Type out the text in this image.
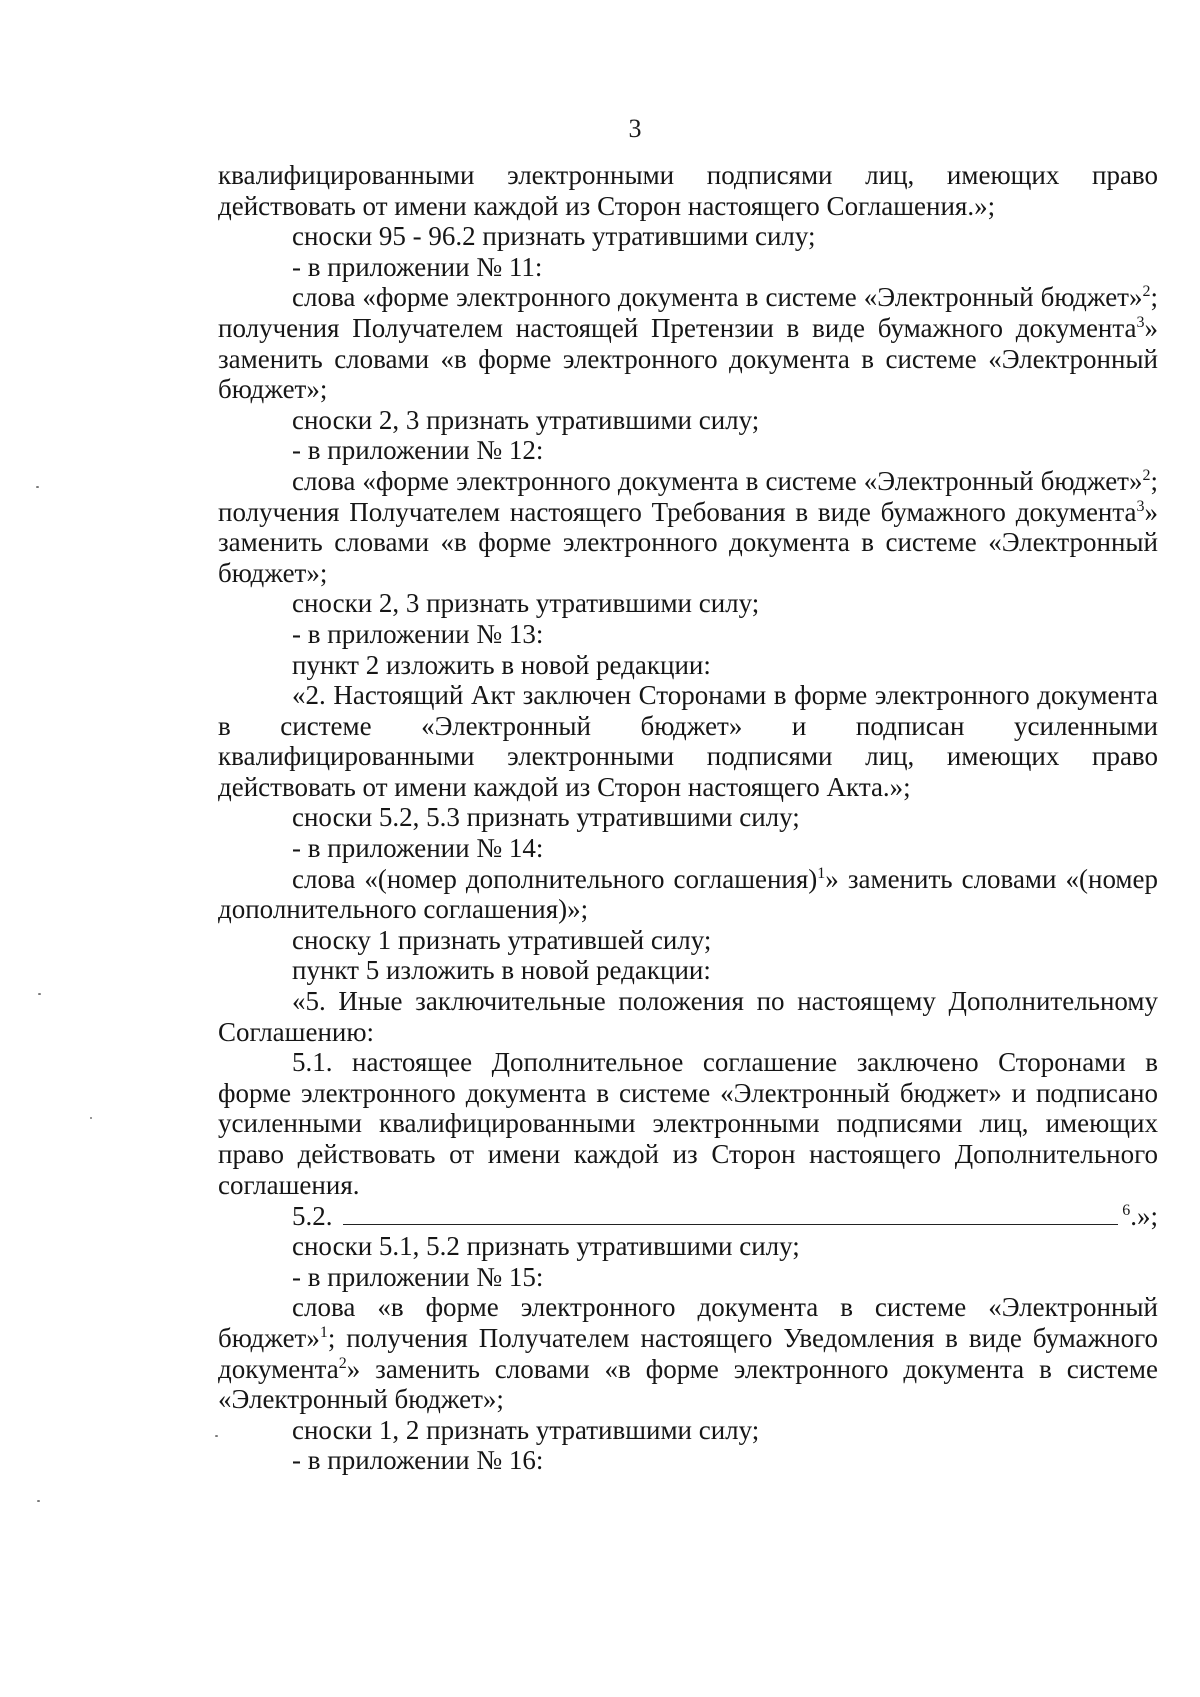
3

квалифицированными электронными подписями лиц, имеющих право действовать от имени каждой из Сторон настоящего Соглашения.»;

сноски 95 - 96.2 признать утратившими силу;

- в приложении № 11:

слова «форме электронного документа в системе «Электронный бюджет»$^2$; получения Получателем настоящей Претензии в виде бумажного документа$^3$» заменить словами «в форме электронного документа в системе «Электронный бюджет»;

сноски 2, 3 признать утратившими силу;

- в приложении № 12:

слова «форме электронного документа в системе «Электронный бюджет»$^2$; получения Получателем настоящего Требования в виде бумажного документа$^3$» заменить словами «в форме электронного документа в системе «Электронный бюджет»;

сноски 2, 3 признать утратившими силу;

- в приложении № 13:

пункт 2 изложить в новой редакции:

«2. Настоящий Акт заключен Сторонами в форме электронного документа в системе «Электронный бюджет» и подписан усиленными квалифицированными электронными подписями лиц, имеющих право действовать от имени каждой из Сторон настоящего Акта.»;

сноски 5.2, 5.3 признать утратившими силу;

- в приложении № 14:

слова «(номер дополнительного соглашения)$^1$» заменить словами «(номер дополнительного соглашения)»;

сноску 1 признать утратившей силу;

пункт 5 изложить в новой редакции:

«5. Иные заключительные положения по настоящему Дополнительному Соглашению:

5.1. настоящее Дополнительное соглашение заключено Сторонами в форме электронного документа в системе «Электронный бюджет» и подписано усиленными квалифицированными электронными подписями лиц, имеющих право действовать от имени каждой из Сторон настоящего Дополнительного соглашения.

5.2.	$^6$.»;

сноски 5.1, 5.2 признать утратившими силу;

- в приложении № 15:

слова «в форме электронного документа в системе «Электронный бюджет»$^1$; получения Получателем настоящего Уведомления в виде бумажного документа$^2$» заменить словами «в форме электронного документа в системе «Электронный бюджет»;

сноски 1, 2 признать утратившими силу;

- в приложении № 16:
